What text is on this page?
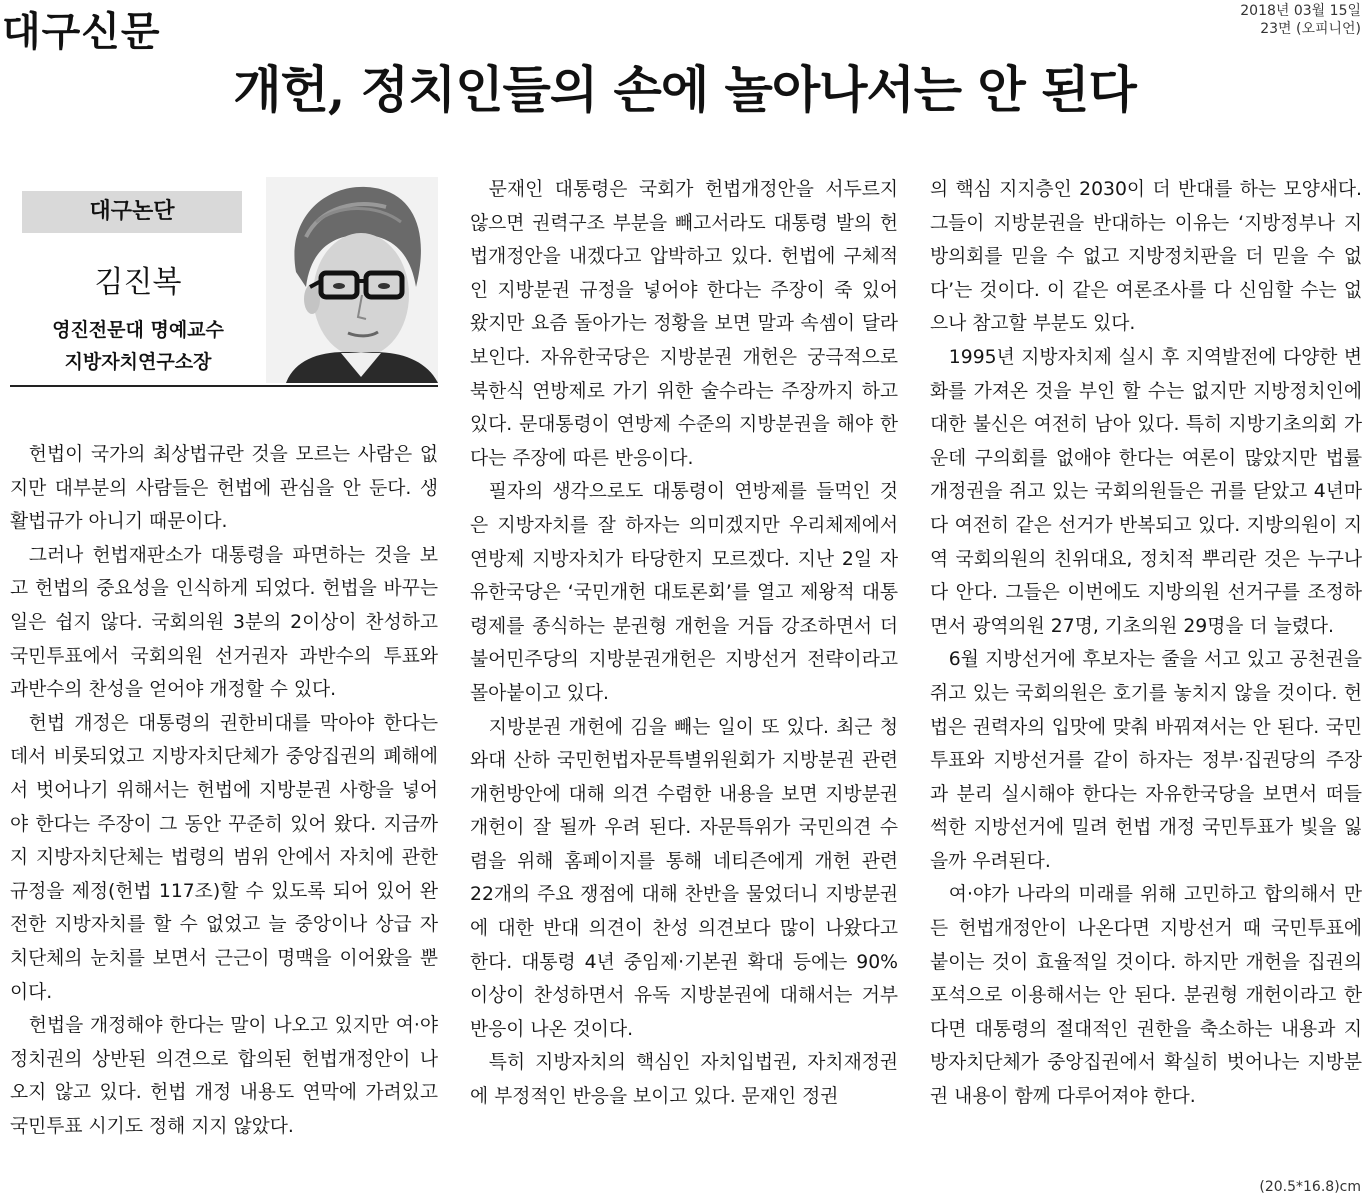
대구신문	2018년 03월 15일
23면 (오피니언)
개헌, 정치인들의 손에 놀아나서는 안 된다
대구논단
김진복
영진전문대 명예교수
지방자치연구소장

헌법이 국가의 최상법규란 것을 모르는 사람은 없지만 대부분의 사람들은 헌법에 관심을 안 둔다. 생활법규가 아니기 때문이다.

그러나 헌법재판소가 대통령을 파면하는 것을 보고 헌법의 중요성을 인식하게 되었다. 헌법을 바꾸는 일은 쉽지 않다. 국회의원 3분의 2이상이 찬성하고 국민투표에서 국회의원 선거권자 과반수의 투표와 과반수의 찬성을 얻어야 개정할 수 있다.

헌법 개정은 대통령의 권한비대를 막아야 한다는 데서 비롯되었고 지방자치단체가 중앙집권의 폐해에서 벗어나기 위해서는 헌법에 지방분권 사항을 넣어야 한다는 주장이 그 동안 꾸준히 있어 왔다. 지금까지 지방자치단체는 법령의 범위 안에서 자치에 관한 규정을 제정(헌법 117조)할 수 있도록 되어 있어 완전한 지방자치를 할 수 없었고 늘 중앙이나 상급 자치단체의 눈치를 보면서 근근이 명맥을 이어왔을 뿐이다.

헌법을 개정해야 한다는 말이 나오고 있지만 여·야 정치권의 상반된 의견으로 합의된 헌법개정안이 나오지 않고 있다. 헌법 개정 내용도 연막에 가려있고 국민투표 시기도 정해 지지 않았다.

문재인 대통령은 국회가 헌법개정안을 서두르지 않으면 권력구조 부분을 빼고서라도 대통령 발의 헌법개정안을 내겠다고 압박하고 있다. 헌법에 구체적인 지방분권 규정을 넣어야 한다는 주장이 죽 있어 왔지만 요즘 돌아가는 정황을 보면 말과 속셈이 달라 보인다. 자유한국당은 지방분권 개헌은 궁극적으로 북한식 연방제로 가기 위한 술수라는 주장까지 하고 있다. 문대통령이 연방제 수준의 지방분권을 해야 한다는 주장에 따른 반응이다.

필자의 생각으로도 대통령이 연방제를 들먹인 것은 지방자치를 잘 하자는 의미겠지만 우리체제에서 연방제 지방자치가 타당한지 모르겠다. 지난 2일 자유한국당은 ‘국민개헌 대토론회’를 열고 제왕적 대통령제를 종식하는 분권형 개헌을 거듭 강조하면서 더불어민주당의 지방분권개헌은 지방선거 전략이라고 몰아붙이고 있다.

지방분권 개헌에 김을 빼는 일이 또 있다. 최근 청와대 산하 국민헌법자문특별위원회가 지방분권 관련 개헌방안에 대해 의견 수렴한 내용을 보면 지방분권 개헌이 잘 될까 우려 된다. 자문특위가 국민의견 수렴을 위해 홈페이지를 통해 네티즌에게 개헌 관련 22개의 주요 쟁점에 대해 찬반을 물었더니 지방분권에 대한 반대 의견이 찬성 의견보다 많이 나왔다고 한다. 대통령 4년 중임제·기본권 확대 등에는 90% 이상이 찬성하면서 유독 지방분권에 대해서는 거부반응이 나온 것이다.

특히 지방자치의 핵심인 자치입법권, 자치재정권에 부정적인 반응을 보이고 있다. 문재인 정권

의 핵심 지지층인 2030이 더 반대를 하는 모양새다. 그들이 지방분권을 반대하는 이유는 ‘지방정부나 지방의회를 믿을 수 없고 지방정치판을 더 믿을 수 없다’는 것이다. 이 같은 여론조사를 다 신임할 수는 없으나 참고할 부분도 있다.

1995년 지방자치제 실시 후 지역발전에 다양한 변화를 가져온 것을 부인 할 수는 없지만 지방정치인에 대한 불신은 여전히 남아 있다. 특히 지방기초의회 가운데 구의회를 없애야 한다는 여론이 많았지만 법률 개정권을 쥐고 있는 국회의원들은 귀를 닫았고 4년마다 여전히 같은 선거가 반복되고 있다. 지방의원이 지역 국회의원의 친위대요, 정치적 뿌리란 것은 누구나 다 안다. 그들은 이번에도 지방의원 선거구를 조정하면서 광역의원 27명, 기초의원 29명을 더 늘렸다.

6월 지방선거에 후보자는 줄을 서고 있고 공천권을 쥐고 있는 국회의원은 호기를 놓치지 않을 것이다. 헌법은 권력자의 입맛에 맞춰 바꿔져서는 안 된다. 국민투표와 지방선거를 같이 하자는 정부·집권당의 주장과 분리 실시해야 한다는 자유한국당을 보면서 떠들썩한 지방선거에 밀려 헌법 개정 국민투표가 빛을 잃을까 우려된다.

여·야가 나라의 미래를 위해 고민하고 합의해서 만든 헌법개정안이 나온다면 지방선거 때 국민투표에 붙이는 것이 효율적일 것이다. 하지만 개헌을 집권의 포석으로 이용해서는 안 된다. 분권형 개헌이라고 한다면 대통령의 절대적인 권한을 축소하는 내용과 지방자치단체가 중앙집권에서 확실히 벗어나는 지방분권 내용이 함께 다루어져야 한다.

(20.5*16.8)cm
